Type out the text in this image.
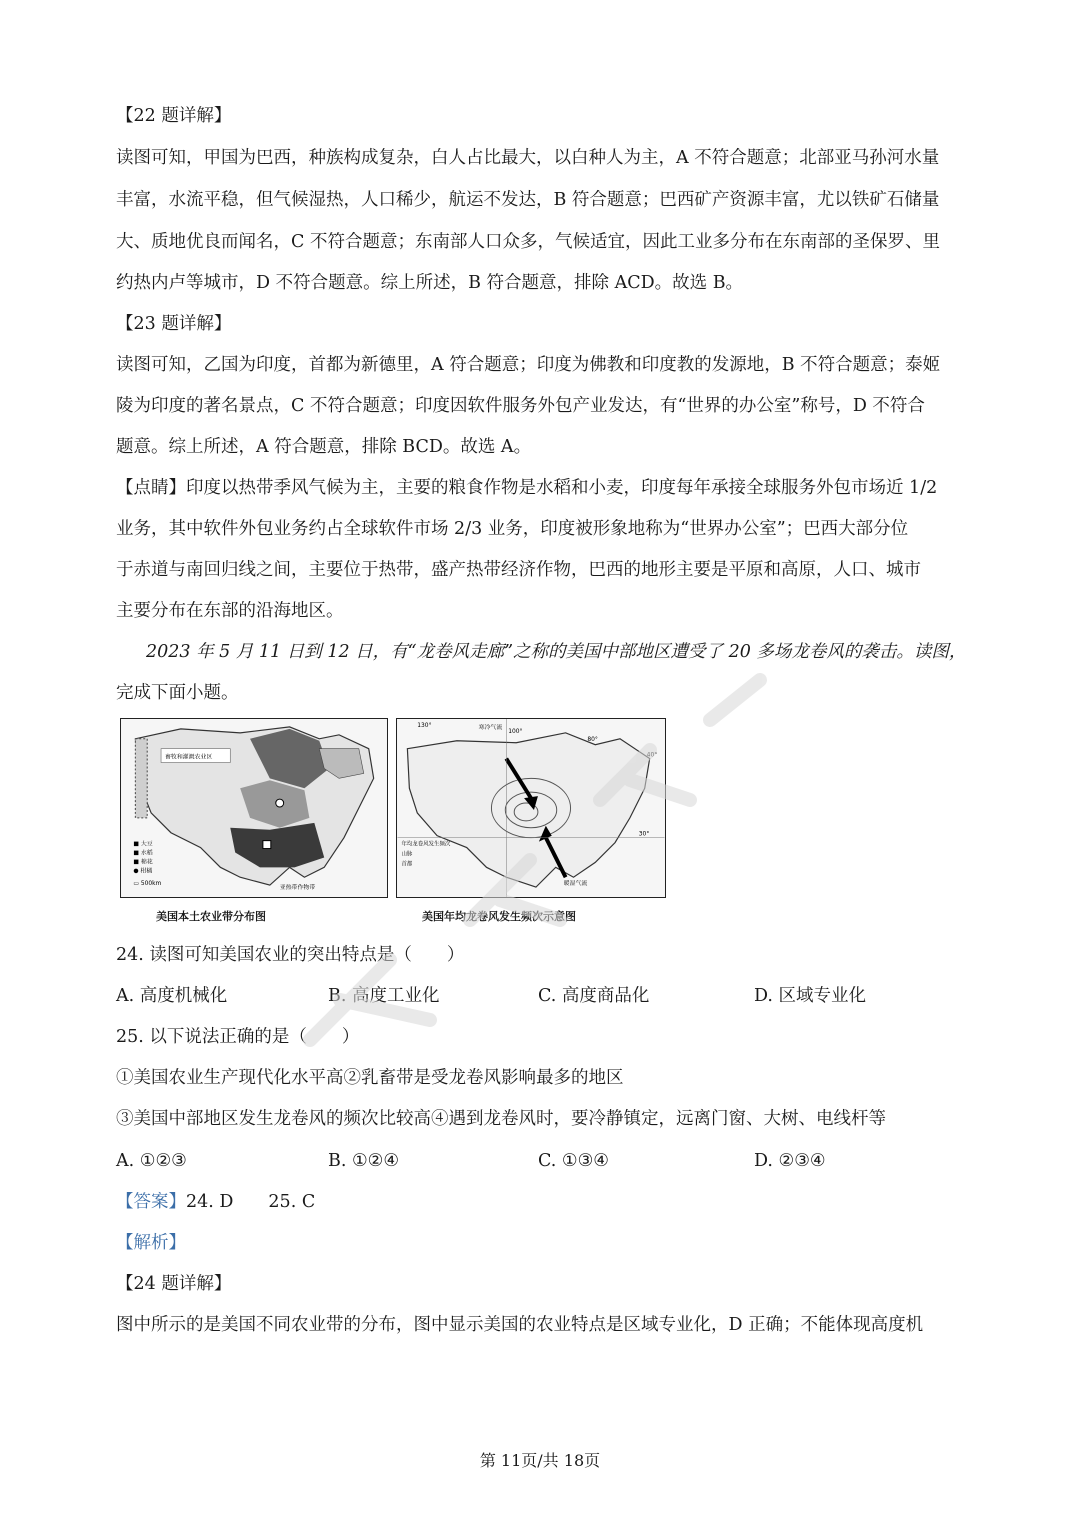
【22 题详解】
读图可知，甲国为巴西，种族构成复杂，白人占比最大，以白种人为主，A 不符合题意；北部亚马孙河水量
丰富，水流平稳，但气候湿热，人口稀少，航运不发达，B 符合题意；巴西矿产资源丰富，尤以铁矿石储量
大、质地优良而闻名，C 不符合题意；东南部人口众多，气候适宜，因此工业多分布在东南部的圣保罗、里
约热内卢等城市，D 不符合题意。综上所述，B 符合题意，排除 ACD。故选 B。
【23 题详解】
读图可知，乙国为印度，首都为新德里，A 符合题意；印度为佛教和印度教的发源地，B 不符合题意；泰姬
陵为印度的著名景点，C 不符合题意；印度因软件服务外包产业发达，有“世界的办公室”称号，D 不符合
题意。综上所述，A 符合题意，排除 BCD。故选 A。
【点睛】印度以热带季风气候为主，主要的粮食作物是水稻和小麦，印度每年承接全球服务外包市场近 1/2
业务，其中软件外包业务约占全球软件市场 2/3 业务，印度被形象地称为“世界办公室”；巴西大部分位
于赤道与南回归线之间，主要位于热带，盛产热带经济作物，巴西的地形主要是平原和高原，人口、城市
主要分布在东部的沿海地区。
2023 年 5 月 11 日到 12 日，有“龙卷风走廊”之称的美国中部地区遭受了 20 多场龙卷风的袭击。读图，
完成下面小题。
畜牧和灌溉农业区
■ 大豆
■ 水稻
■ 棉花
● 柑橘
▭ 500km
亚热带作物带
130°
100°
80°
40°
30°
寒冷气流
暖湿气流
年均龙卷风发生频次
山脉
首都
美国本土农业带分布图	美国年均龙卷风发生频次示意图
24. 读图可知美国农业的突出特点是（　　）
A. 高度机械化	B. 高度工业化	C. 高度商品化	D. 区域专业化
25. 以下说法正确的是（　　）
①美国农业生产现代化水平高②乳畜带是受龙卷风影响最多的地区
③美国中部地区发生龙卷风的频次比较高④遇到龙卷风时，要冷静镇定，远离门窗、大树、电线杆等
A. ①②③	B. ①②④	C. ①③④	D. ②③④
【答案】24. D　　25. C
【解析】
【24 题详解】
图中所示的是美国不同农业带的分布，图中显示美国的农业特点是区域专业化，D 正确；不能体现高度机
第 11页/共 18页
